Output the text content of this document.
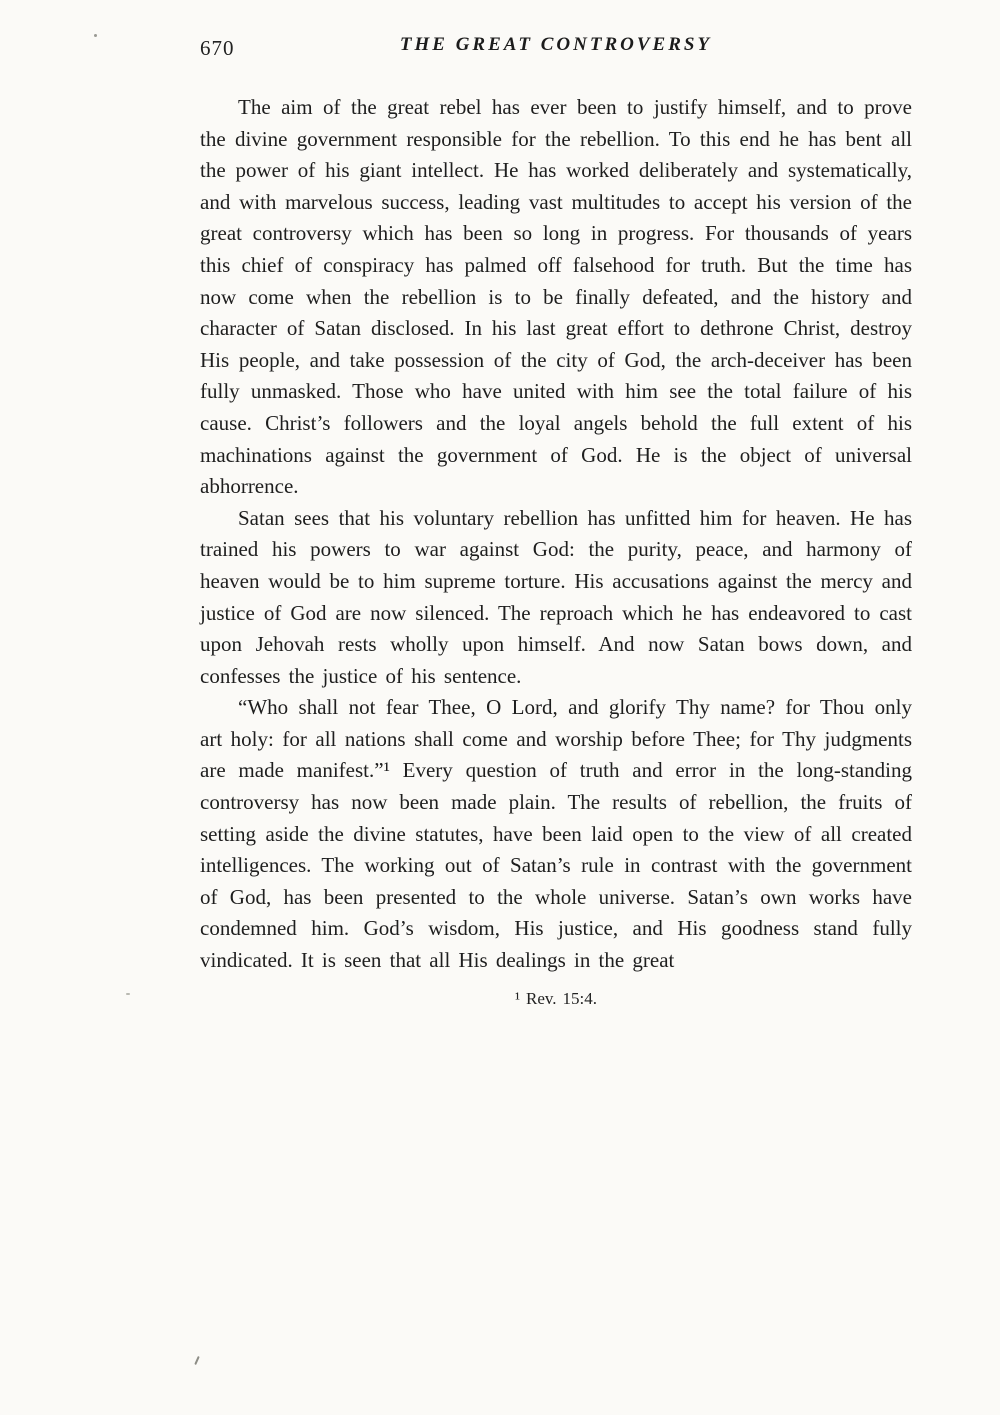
670	THE GREAT CONTROVERSY

The aim of the great rebel has ever been to justify himself, and to prove the divine government responsible for the rebellion. To this end he has bent all the power of his giant intellect. He has worked deliberately and systematically, and with marvelous success, leading vast multitudes to accept his version of the great controversy which has been so long in progress. For thousands of years this chief of conspiracy has palmed off falsehood for truth. But the time has now come when the rebellion is to be finally defeated, and the history and character of Satan disclosed. In his last great effort to dethrone Christ, destroy His people, and take possession of the city of God, the arch-deceiver has been fully unmasked. Those who have united with him see the total failure of his cause. Christ’s followers and the loyal angels behold the full extent of his machinations against the government of God. He is the object of universal abhorrence.

Satan sees that his voluntary rebellion has unfitted him for heaven. He has trained his powers to war against God: the purity, peace, and harmony of heaven would be to him supreme torture. His accusations against the mercy and justice of God are now silenced. The reproach which he has endeavored to cast upon Jehovah rests wholly upon himself. And now Satan bows down, and confesses the justice of his sentence.

“Who shall not fear Thee, O Lord, and glorify Thy name? for Thou only art holy: for all nations shall come and worship before Thee; for Thy judgments are made manifest.”¹ Every question of truth and error in the long-standing controversy has now been made plain. The results of rebellion, the fruits of setting aside the divine statutes, have been laid open to the view of all created intelligences. The working out of Satan’s rule in contrast with the government of God, has been presented to the whole universe. Satan’s own works have condemned him. God’s wisdom, His justice, and His goodness stand fully vindicated. It is seen that all His dealings in the great

¹ Rev. 15:4.
